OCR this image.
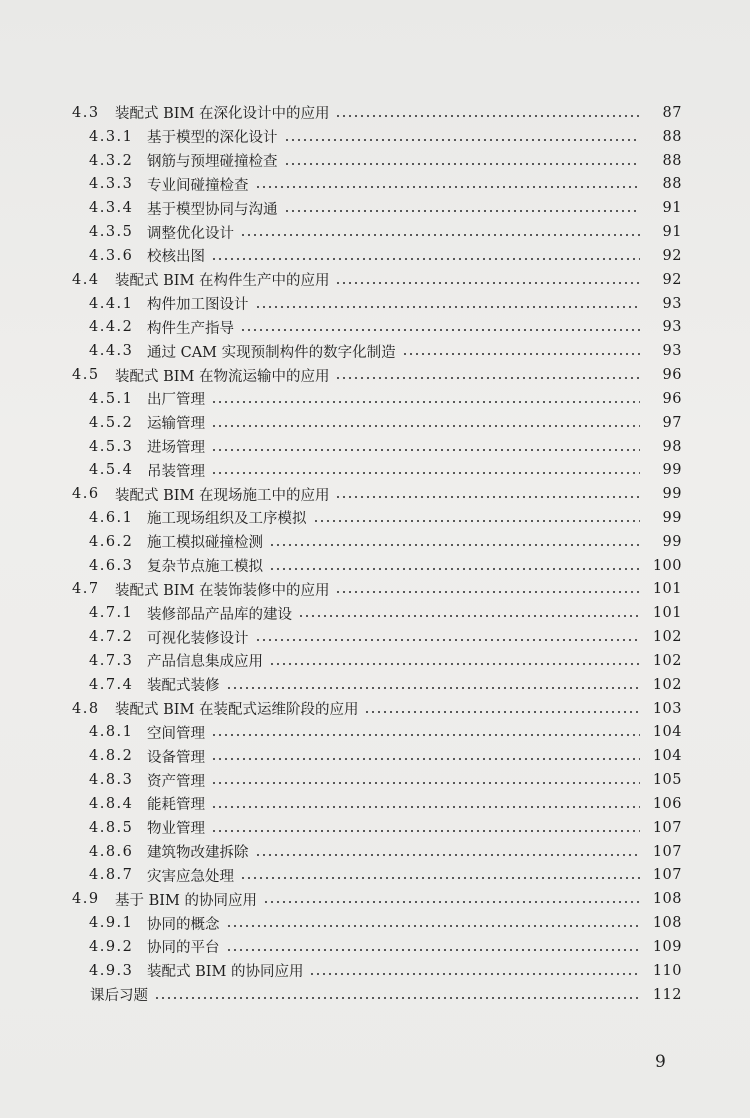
4.3	装配式 BIM 在深化设计中的应用	87
4.3.1 基于模型的深化设计	88
4.3.2 钢筋与预埋碰撞检查	88
4.3.3 专业间碰撞检查	88
4.3.4 基于模型协同与沟通	91
4.3.5 调整优化设计	91
4.3.6 校核出图	92
4.4	装配式 BIM 在构件生产中的应用	92
4.4.1 构件加工图设计	93
4.4.2 构件生产指导	93
4.4.3 通过 CAM 实现预制构件的数字化制造	93
4.5	装配式 BIM 在物流运输中的应用	96
4.5.1 出厂管理	96
4.5.2 运输管理	97
4.5.3 进场管理	98
4.5.4 吊装管理	99
4.6	装配式 BIM 在现场施工中的应用	99
4.6.1 施工现场组织及工序模拟	99
4.6.2 施工模拟碰撞检测	99
4.6.3 复杂节点施工模拟	100
4.7	装配式 BIM 在装饰装修中的应用	101
4.7.1 装修部品产品库的建设	101
4.7.2 可视化装修设计	102
4.7.3 产品信息集成应用	102
4.7.4 装配式装修	102
4.8	装配式 BIM 在装配式运维阶段的应用	103
4.8.1 空间管理	104
4.8.2 设备管理	104
4.8.3 资产管理	105
4.8.4 能耗管理	106
4.8.5 物业管理	107
4.8.6 建筑物改建拆除	107
4.8.7 灾害应急处理	107
4.9	基于 BIM 的协同应用	108
4.9.1 协同的概念	108
4.9.2 协同的平台	109
4.9.3 装配式 BIM 的协同应用	110
课后习题	112
9
